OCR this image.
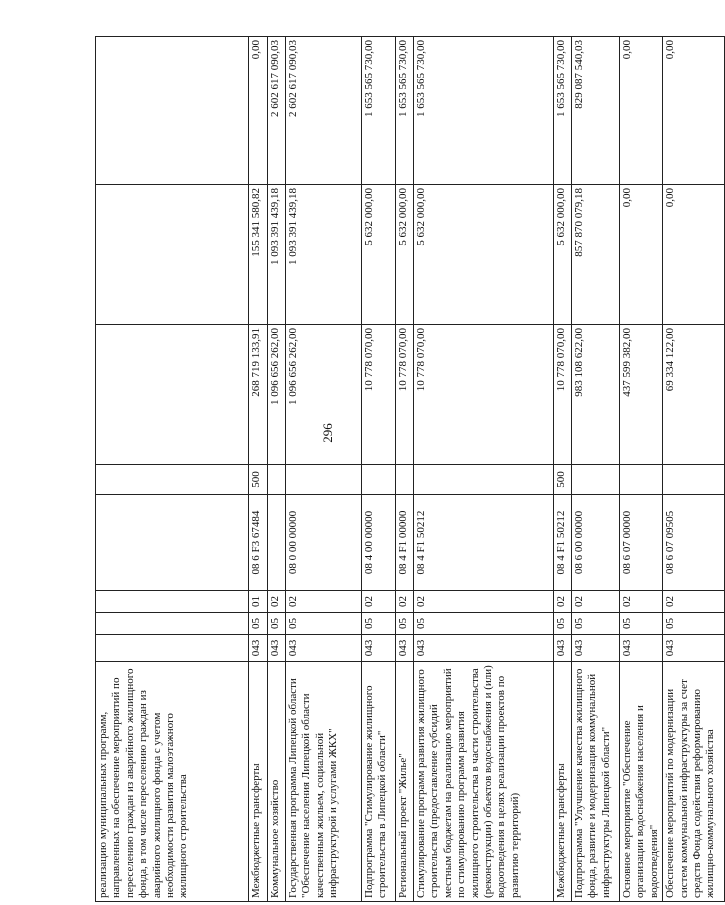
296
реализацию муниципальных программ, направленных на обеспечение мероприятий по переселению граждан из аварийного жилищного фонда, в том числе переселению граждан из аварийного жилищного фонда с учетом необходимости развития малоэтажного жилищного строительства								
Межбюджетные трансферты	043	05	01	08 6 F3 67484	500	268 719 133,91	155 341 580,82	0,00
Коммунальное хозяйство	043	05	02			1 096 656 262,00	1 093 391 439,18	2 602 617 090,03
Государственная программа Липецкой области "Обеспечение населения Липецкой области качественным жильем, социальной инфраструктурой и услугами ЖКХ"	043	05	02	08 0 00 00000		1 096 656 262,00	1 093 391 439,18	2 602 617 090,03
Подпрограмма "Стимулирование жилищного строительства в Липецкой области"	043	05	02	08 4 00 00000		10 778 070,00	5 632 000,00	1 653 565 730,00
Региональный проект "Жилье"	043	05	02	08 4 F1 00000		10 778 070,00	5 632 000,00	1 653 565 730,00
Стимулирование программ развития жилищного строительства (предоставление субсидий местным бюджетам на реализацию мероприятий по стимулированию программ развития жилищного строительства в части строительства (реконструкции) объектов водоснабжения и (или) водоотведения в целях реализации проектов по развитию территорий)	043	05	02	08 4 F1 50212		10 778 070,00	5 632 000,00	1 653 565 730,00
Межбюджетные трансферты	043	05	02	08 4 F1 50212	500	10 778 070,00	5 632 000,00	1 653 565 730,00
Подпрограмма "Улучшение качества жилищного фонда, развитие и модернизация коммунальной инфраструктуры Липецкой области"	043	05	02	08 6 00 00000		983 108 622,00	857 870 079,18	829 087 540,03
Основное мероприятие "Обеспечение организации водоснабжения населения и водоотведения"	043	05	02	08 6 07 00000		437 599 382,00	0,00	0,00
Обеспечение мероприятий по модернизации систем коммунальной инфраструктуры за счет средств Фонда содействия реформированию жилищно-коммунального хозяйства	043	05	02	08 6 07 09505		69 334 122,00	0,00	0,00
